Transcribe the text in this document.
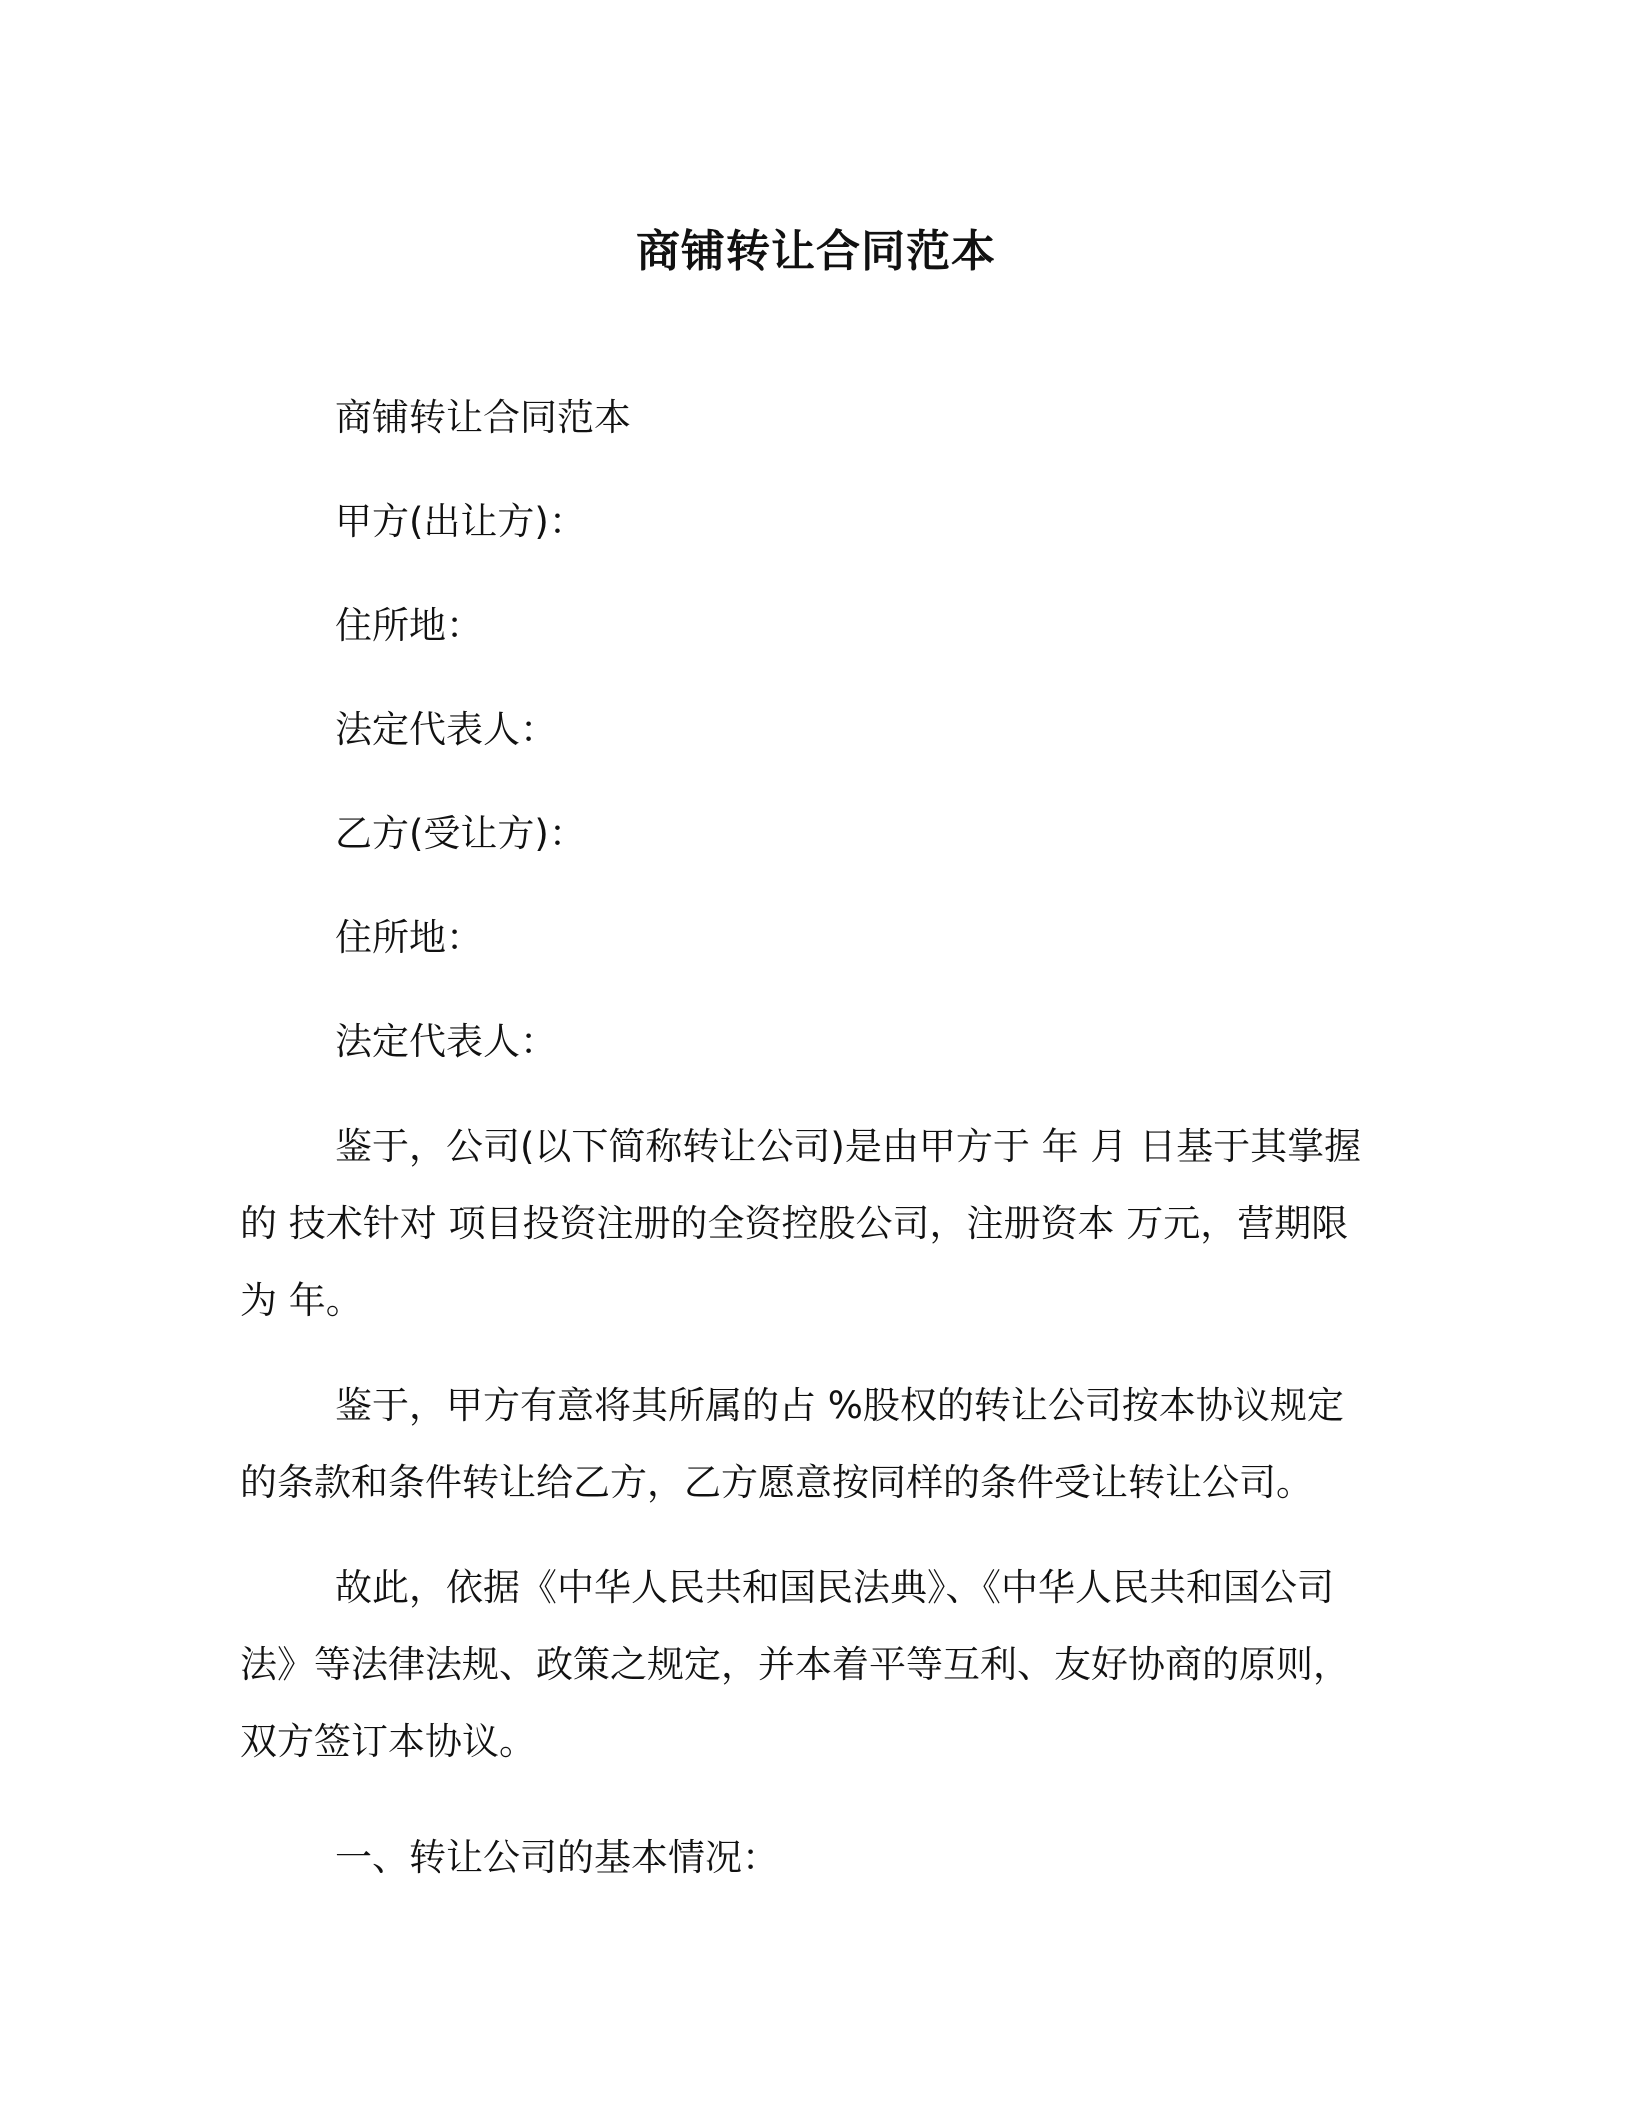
商铺转让合同范本

商铺转让合同范本

甲方(出让方)：

住所地：

法定代表人：

乙方(受让方)：

住所地：

法定代表人：

鉴于，公司(以下简称转让公司)是由甲方于 年 月 日基于其掌握的 技术针对 项目投资注册的全资控股公司，注册资本 万元，营期限为 年。

鉴于，甲方有意将其所属的占 %股权的转让公司按本协议规定的条款和条件转让给乙方，乙方愿意按同样的条件受让转让公司。

故此，依据《中华人民共和国民法典》、《中华人民共和国公司法》等法律法规、政策之规定，并本着平等互利、友好协商的原则，双方签订本协议。

一、转让公司的基本情况：
